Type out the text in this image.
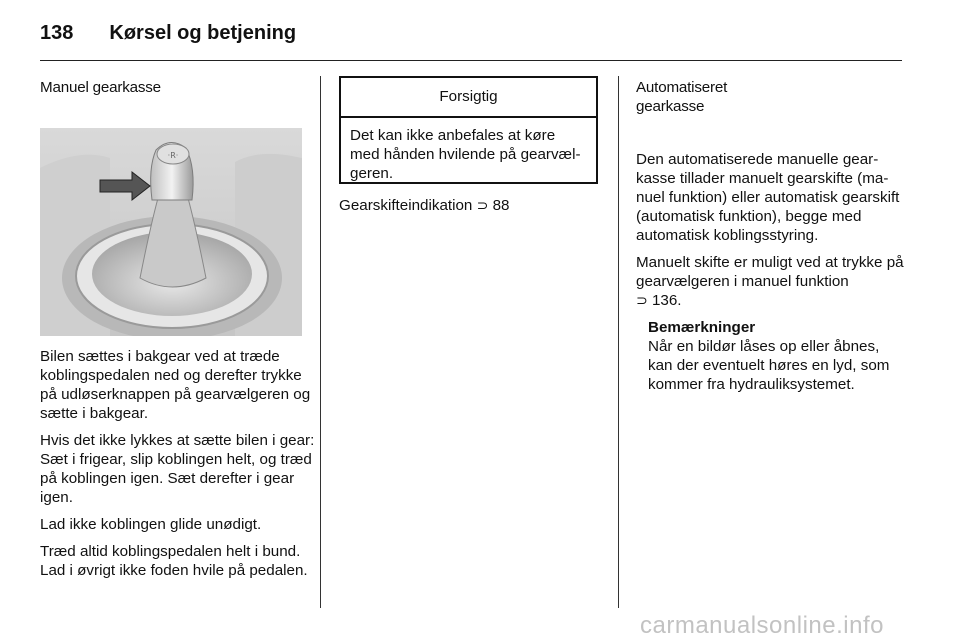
138 Kørsel og betjening
Manuel gearkasse
·R·

Bilen sættes i bakgear ved at træde koblingspedalen ned og derefter trykke på udløserknappen på gearvælgeren og sætte i bakgear.

Hvis det ikke lykkes at sætte bilen i gear: Sæt i frigear, slip koblingen helt, og træd på koblingen igen. Sæt derefter i gear igen.

Lad ikke koblingen glide unødigt.

Træd altid koblingspedalen helt i bund. Lad i øvrigt ikke foden hvile på pedalen.

Forsigtig
Det kan ikke anbefales at køre med hånden hvilende på gearvælgeren.
Gearskifteindikation ⊃ 88
Automatiseret
gearkasse

Den automatiserede manuelle gearkasse tillader manuelt gearskifte (manuel funktion) eller automatisk gearskift (automatisk funktion), begge med automatisk koblingsstyring.

Manuelt skifte er muligt ved at trykke på gearvælgeren i manuel funktion
⊃ 136.

Bemærkninger
Når en bildør låses op eller åbnes, kan der eventuelt høres en lyd, som kommer fra hydrauliksystemet.
carmanualsonline.info
